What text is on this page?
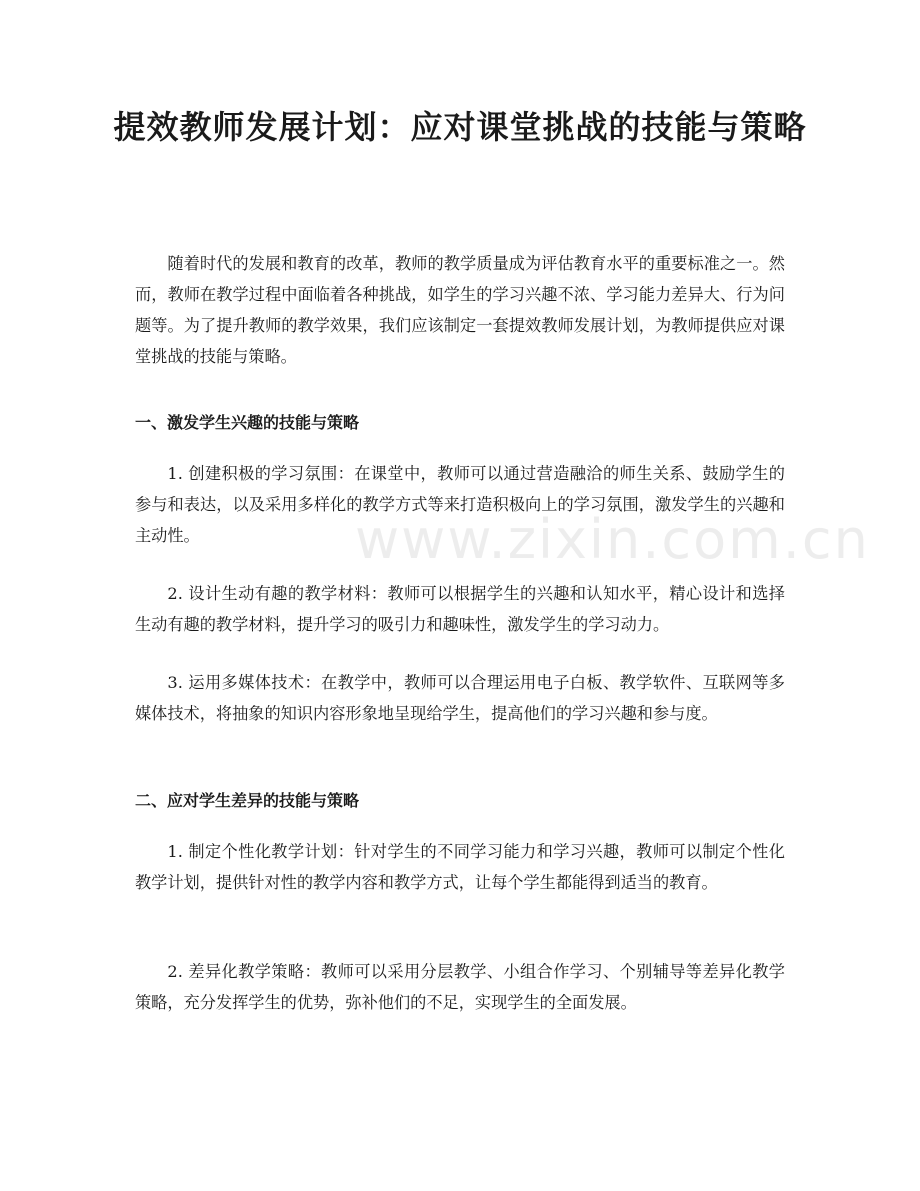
提效教师发展计划：应对课堂挑战的技能与策略

随着时代的发展和教育的改革，教师的教学质量成为评估教育水平的重要标准之一。然而，教师在教学过程中面临着各种挑战，如学生的学习兴趣不浓、学习能力差异大、行为问题等。为了提升教师的教学效果，我们应该制定一套提效教师发展计划，为教师提供应对课堂挑战的技能与策略。

一、激发学生兴趣的技能与策略

1. 创建积极的学习氛围：在课堂中，教师可以通过营造融洽的师生关系、鼓励学生的参与和表达，以及采用多样化的教学方式等来打造积极向上的学习氛围，激发学生的兴趣和主动性。

2. 设计生动有趣的教学材料：教师可以根据学生的兴趣和认知水平，精心设计和选择生动有趣的教学材料，提升学习的吸引力和趣味性，激发学生的学习动力。

3. 运用多媒体技术：在教学中，教师可以合理运用电子白板、教学软件、互联网等多媒体技术，将抽象的知识内容形象地呈现给学生，提高他们的学习兴趣和参与度。

二、应对学生差异的技能与策略

1. 制定个性化教学计划：针对学生的不同学习能力和学习兴趣，教师可以制定个性化教学计划，提供针对性的教学内容和教学方式，让每个学生都能得到适当的教育。

2. 差异化教学策略：教师可以采用分层教学、小组合作学习、个别辅导等差异化教学策略，充分发挥学生的优势，弥补他们的不足，实现学生的全面发展。

www.zixin.com.cn
